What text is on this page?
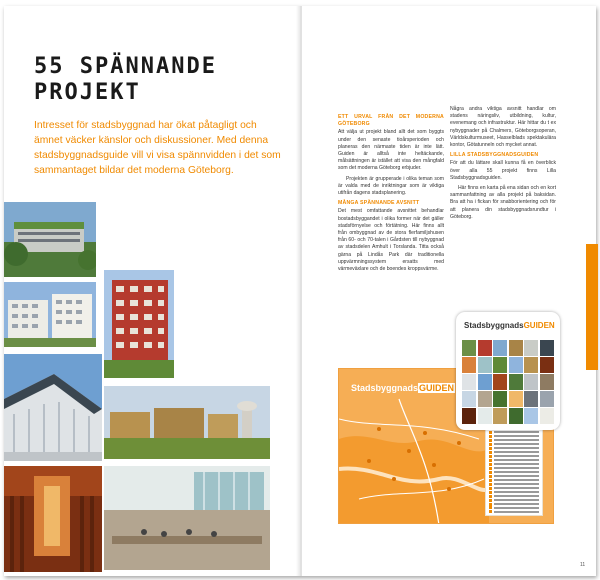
55 SPÄNNANDE PROJEKT
Intresset för stadsbyggnad har ökat påtagligt och ämnet väcker känslor och diskussioner. Med denna stadsbyggnadsguide vill vi visa spännvidden i det som sammantaget bildar det moderna Göteborg.
ETT URVAL FRÅN DET MODERNA GÖTEBORG

Att välja ut projekt bland allt det som byggts under den senaste tioårsperioden och planeras den närmaste tiden är inte lätt. Guiden är alltså inte heltäckande, målsättningen är istället att visa den mångfald som det moderna Göteborg erbjuder.

Projekten är grupperade i olika teman som är valda med de inriktningar som är viktiga utifrån dagens stadsplanering.

MÅNGA SPÄNNANDE AVSNITT

Det mest omfattande avsnittet behandlar bostadsbyggandet i olika former när det gäller stadsförnyelse och förtätning. Här finns allt från ombyggnad av de stora flerfamiljshusen från 60- och 70-talen i Gårdsten till nybyggnad av stadsdelen Amhult i Torslanda. Titta också gärna på Lindås Park där traditionella uppvärmningssystem ersatts med värmeväxlare och de boendes kroppsvärme.

Några andra viktiga avsnitt handlar om stadens näringsliv, utbildning, kultur, evenemang och infrastruktur. Här hittar du t ex nybyggnader på Chalmers, Göteborgsoperan, Världskulturmuseet, Hasselblads spektakulära kontor, Götatunneln och mycket annat.

LILLA STADSBYGGNADSGUIDEN

För att du lättare skall kunna få en överblick över alla 55 projekt finns Lilla Stadsbyggnadsguiden.

Här finns en karta på ena sidan och en kort sammanfattning av alla projekt på baksidan. Bra att ha i fickan för snabborientering och för att planera din stadsbyggnadsrundtur i Göteborg.

StadsbyggnadsGUIDEN
StadsbyggnadsGUIDEN
11
